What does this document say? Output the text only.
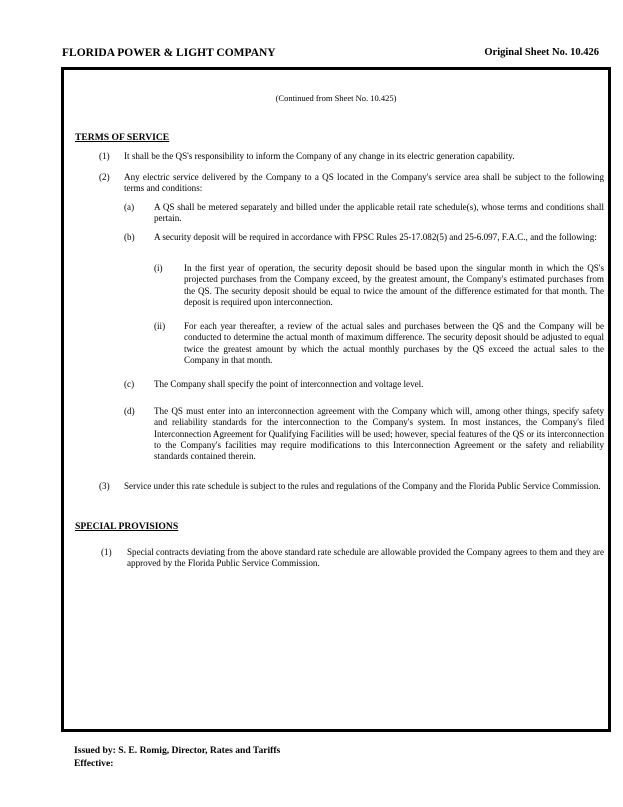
FLORIDA POWER & LIGHT COMPANY	Original Sheet No. 10.426
(Continued from Sheet No. 10.425)
TERMS OF SERVICE
(1) It shall be the QS's responsibility to inform the Company of any change in its electric generation capability.
(2) Any electric service delivered by the Company to a QS located in the Company's service area shall be subject to the following terms and conditions:
(a) A QS shall be metered separately and billed under the applicable retail rate schedule(s), whose terms and conditions shall pertain.
(b) A security deposit will be required in accordance with FPSC Rules 25-17.082(5) and 25-6.097, F.A.C., and the following:
(i) In the first year of operation, the security deposit should be based upon the singular month in which the QS's projected purchases from the Company exceed, by the greatest amount, the Company's estimated purchases from the QS. The security deposit should be equal to twice the amount of the difference estimated for that month. The deposit is required upon interconnection.
(ii) For each year thereafter, a review of the actual sales and purchases between the QS and the Company will be conducted to determine the actual month of maximum difference. The security deposit should be adjusted to equal twice the greatest amount by which the actual monthly purchases by the QS exceed the actual sales to the Company in that month.
(c) The Company shall specify the point of interconnection and voltage level.
(d) The QS must enter into an interconnection agreement with the Company which will, among other things, specify safety and reliability standards for the interconnection to the Company's system. In most instances, the Company's filed Interconnection Agreement for Qualifying Facilities will be used; however, special features of the QS or its interconnection to the Company's facilities may require modifications to this Interconnection Agreement or the safety and reliability standards contained therein.
(3) Service under this rate schedule is subject to the rules and regulations of the Company and the Florida Public Service Commission.
SPECIAL PROVISIONS
(1) Special contracts deviating from the above standard rate schedule are allowable provided the Company agrees to them and they are approved by the Florida Public Service Commission.
Issued by: S. E. Romig, Director, Rates and Tariffs
Effective:
